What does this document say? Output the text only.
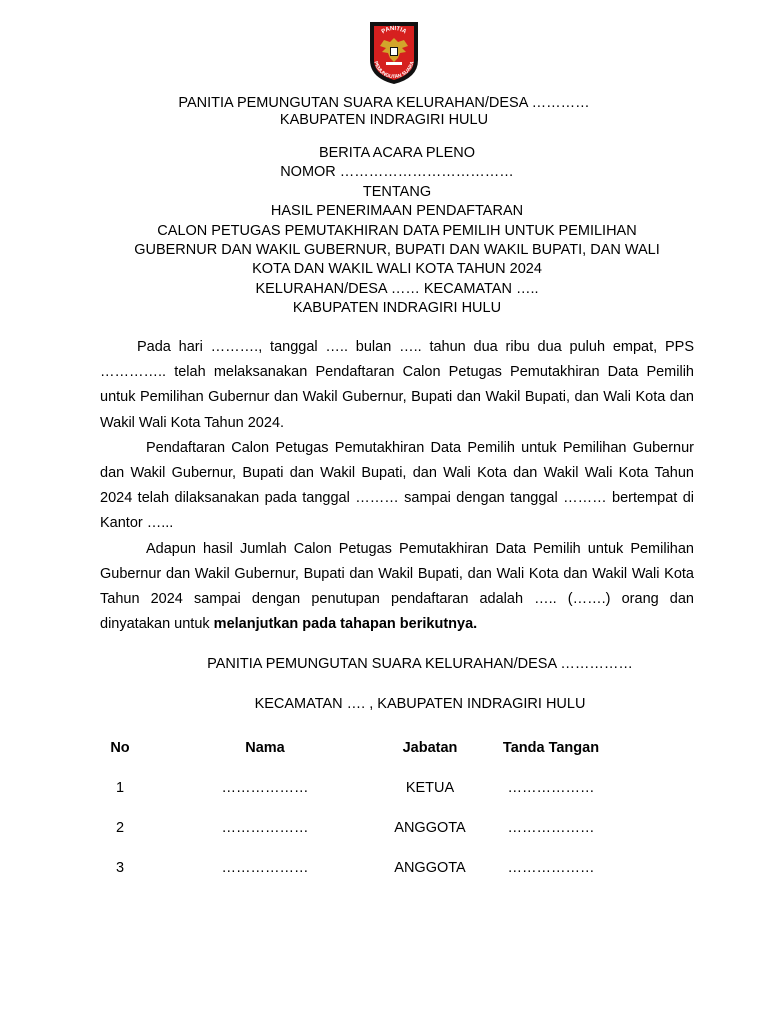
PANITIA
PEMUNGUTAN SUARA
PANITIA PEMUNGUTAN SUARA KELURAHAN/DESA …………
KABUPATEN INDRAGIRI HULU
BERITA ACARA PLENO
NOMOR ………………………………
TENTANG
HASIL PENERIMAAN PENDAFTARAN
CALON PETUGAS PEMUTAKHIRAN DATA PEMILIH UNTUK PEMILIHAN
GUBERNUR DAN WAKIL GUBERNUR, BUPATI DAN WAKIL BUPATI, DAN WALI
KOTA DAN WAKIL WALI KOTA TAHUN 2024
KELURAHAN/DESA …… KECAMATAN …..
KABUPATEN INDRAGIRI HULU

Pada hari ………., tanggal ….. bulan ….. tahun dua ribu dua puluh empat, PPS ………….. telah melaksanakan Pendaftaran Calon Petugas Pemutakhiran Data Pemilih untuk Pemilihan Gubernur dan Wakil Gubernur, Bupati dan Wakil Bupati, dan Wali Kota dan Wakil Wali Kota Tahun 2024.

Pendaftaran Calon Petugas Pemutakhiran Data Pemilih untuk Pemilihan Gubernur dan Wakil Gubernur, Bupati dan Wakil Bupati, dan Wali Kota dan Wakil Wali Kota Tahun 2024 telah dilaksanakan pada tanggal ……… sampai dengan tanggal ……… bertempat di Kantor …...

Adapun hasil Jumlah Calon Petugas Pemutakhiran Data Pemilih untuk Pemilihan Gubernur dan Wakil Gubernur, Bupati dan Wakil Bupati, dan Wali Kota dan Wakil Wali Kota Tahun 2024 sampai dengan penutupan pendaftaran adalah ….. (…….) orang dan dinyatakan untuk melanjutkan pada tahapan berikutnya.

PANITIA PEMUNGUTAN SUARA KELURAHAN/DESA ……………
KECAMATAN …. , KABUPATEN INDRAGIRI HULU
No	Nama	Jabatan	Tanda Tangan
1	………………	KETUA	………………
2	………………	ANGGOTA	………………
3	………………	ANGGOTA	………………
